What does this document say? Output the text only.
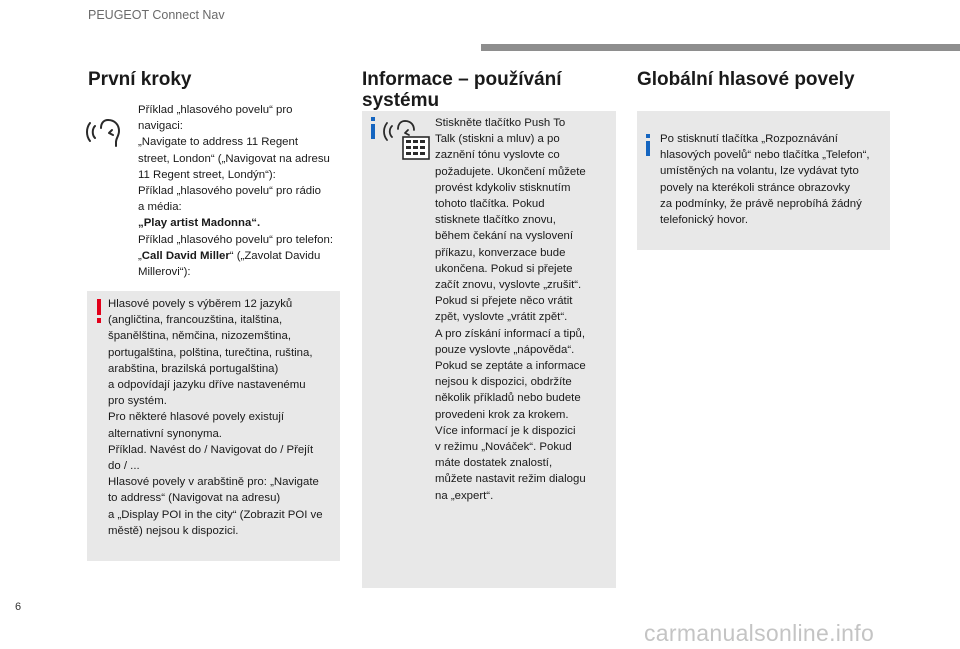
PEUGEOT Connect Nav
První kroky
Příklad „hlasového povelu“ pro
navigaci:
„Navigate to address 11 Regent
street, London“ („Navigovat na adresu
11 Regent street, Londýn“):
Příklad „hlasového povelu“ pro rádio
a média:
„Play artist Madonna“.
Příklad „hlasového povelu“ pro telefon:
„Call David Miller“ („Zavolat Davidu
Millerovi“):
Hlasové povely s výběrem 12 jazyků
(angličtina, francouzština, italština,
španělština, němčina, nizozemština,
portugalština, polština, turečtina, ruština,
arabština, brazilská portugalština)
a odpovídají jazyku dříve nastavenému
pro systém.
Pro některé hlasové povely existují
alternativní synonyma.
Příklad. Navést do / Navigovat do / Přejít
do / ...
Hlasové povely v arabštině pro: „Navigate
to address“ (Navigovat na adresu)
a „Display POI in the city“ (Zobrazit POI ve
městě) nejsou k dispozici.
Informace – používání
systému
Stiskněte tlačítko Push To
Talk (stiskni a mluv) a po
zaznění tónu vyslovte co
požadujete. Ukončení můžete
provést kdykoliv stisknutím
tohoto tlačítka. Pokud
stisknete tlačítko znovu,
během čekání na vyslovení
příkazu, konverzace bude
ukončena. Pokud si přejete
začít znovu, vyslovte „zrušit“.
Pokud si přejete něco vrátit
zpět, vyslovte „vrátit zpět“.
A pro získání informací a tipů,
pouze vyslovte „nápověda“.
Pokud se zeptáte a informace
nejsou k dispozici, obdržíte
několik příkladů nebo budete
provedeni krok za krokem.
Více informací je k dispozici
v režimu „Nováček“. Pokud
máte dostatek znalostí,
můžete nastavit režim dialogu
na „expert“.
Globální hlasové povely
Po stisknutí tlačítka „Rozpoznávání
hlasových povelů“ nebo tlačítka „Telefon“,
umístěných na volantu, lze vydávat tyto
povely na kterékoli stránce obrazovky
za podmínky, že právě neprobíhá žádný
telefonický hovor.
6
carmanualsonline.info
